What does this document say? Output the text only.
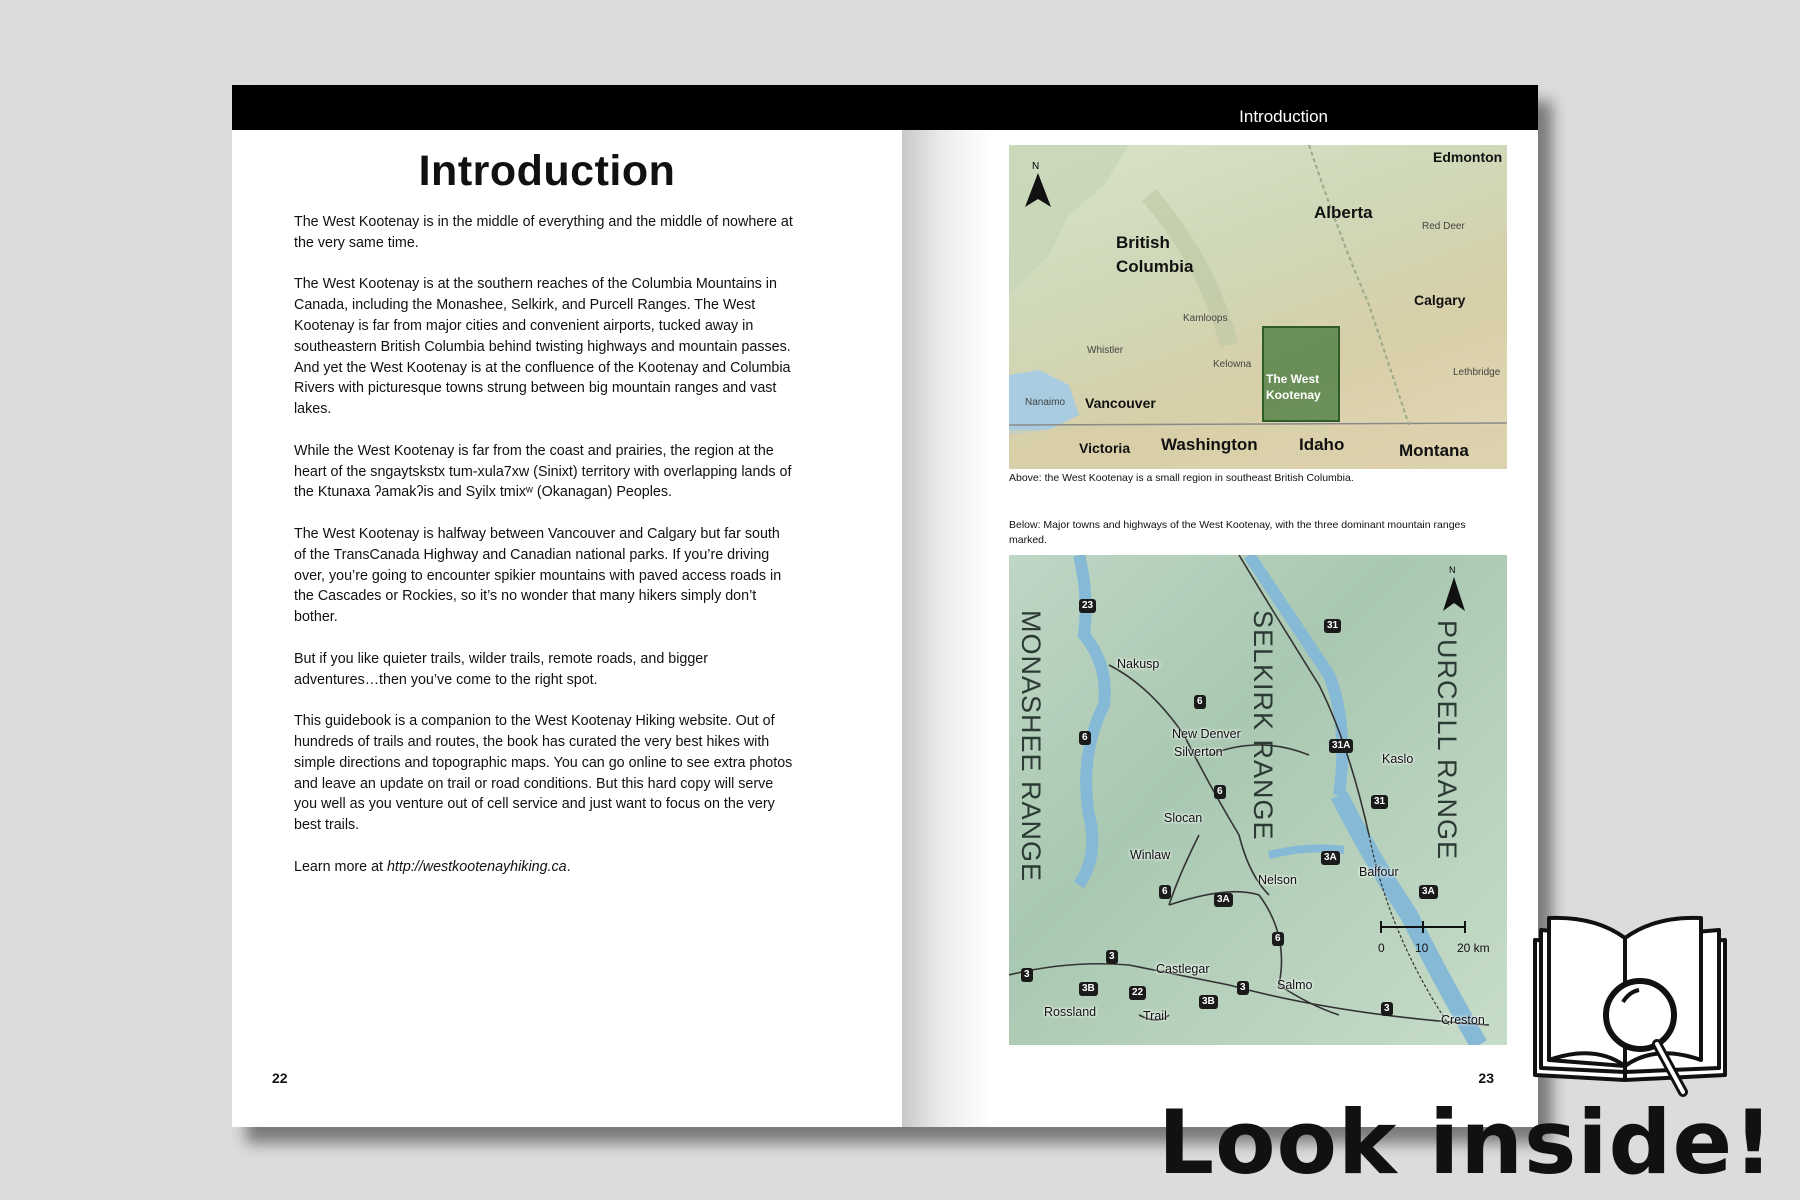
Introduction

The West Kootenay is in the middle of everything and the middle of nowhere at the very same time.

The West Kootenay is at the southern reaches of the Columbia Mountains in Canada, including the Monashee, Selkirk, and Purcell Ranges. The West Kootenay is far from major cities and convenient airports, tucked away in southeastern British Columbia behind twisting highways and mountain passes. And yet the West Kootenay is at the confluence of the Kootenay and Columbia Rivers with picturesque towns strung between big mountain ranges and vast lakes.

While the West Kootenay is far from the coast and prairies, the region at the heart of the sngaytskstx tum-xula7xw (Sinixt) territory with overlapping lands of the Ktunaxa ʔamakʔis and Syilx tmixʷ (Okanagan) Peoples.

The West Kootenay is halfway between Vancouver and Calgary but far south of the TransCanada Highway and Canadian national parks. If you’re driving over, you’re going to encounter spikier mountains with paved access roads in the Cascades or Rockies, so it’s no wonder that many hikers simply don’t bother.

But if you like quieter trails, wilder trails, remote roads, and bigger adventures…then you’ve come to the right spot.

This guidebook is a companion to the West Kootenay Hiking website. Out of hundreds of trails and routes, the book has curated the very best hikes with simple directions and topographic maps. You can go online to see extra photos and leave an update on trail or road conditions. But this hard copy will serve you well as you venture out of cell service and just want to focus on the very best trails.

Learn more at http://westkootenayhiking.ca.

22
N
The West
Kootenay
Edmonton
Alberta
Red Deer
British
Columbia
Calgary
Kamloops
Whistler
Kelowna
Lethbridge
Nanaimo Vancouver
Victoria Washington Idaho	Montana
Above: the West Kootenay is a small region in southeast British Columbia.
Below: Major towns and highways of the West Kootenay, with the three dominant mountain ranges marked.
N
MONASHEE RANGE	SELKIRK RANGE	PURCELL RANGE
Nakusp
New Denver
Silverton	Kaslo
Slocan
Winlaw
Nelson
Balfour
Castlegar
Salmo
Rossland	Trail	Creston
23
31
6
6
31A
6
31
3A
6
3A
3A
6
3
3
3B	22
3B
3
3
0	10 20 km
23
Introduction
Look inside!
